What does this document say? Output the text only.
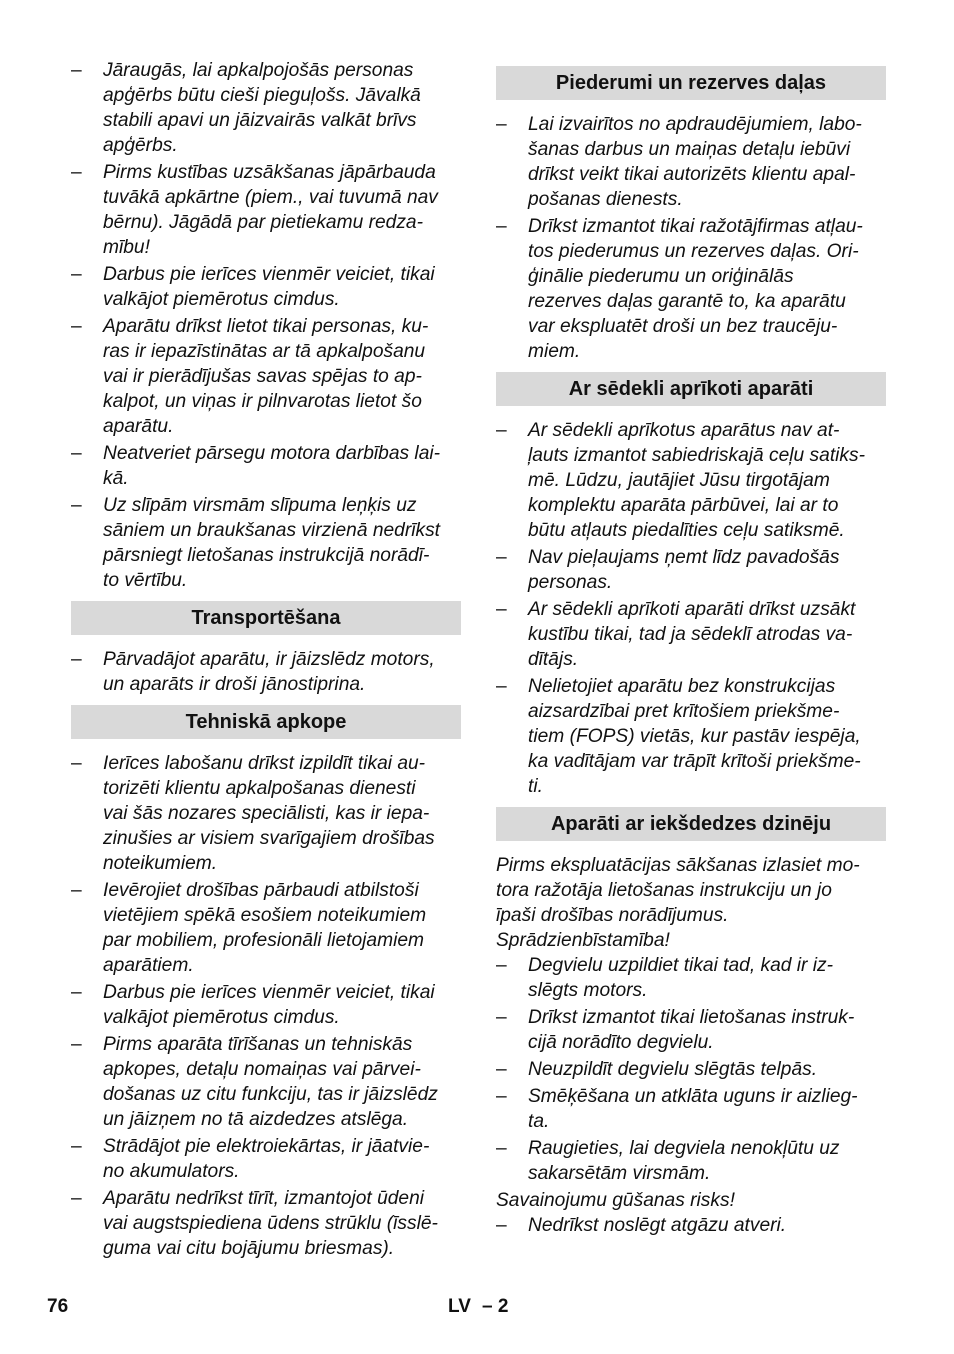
– Jāraugās, lai apkalpojošās personas
apģērbs būtu cieši pieguļošs. Jāvalkā
stabili apavi un jāizvairās valkāt brīvs
apģērbs.
– Pirms kustības uzsākšanas jāpārbauda
tuvākā apkārtne (piem., vai tuvumā nav
bērnu). Jāgādā par pietiekamu redza-
mību!
– Darbus pie ierīces vienmēr veiciet, tikai
valkājot piemērotus cimdus.
– Aparātu drīkst lietot tikai personas, ku-
ras ir iepazīstinātas ar tā apkalpošanu
vai ir pierādījušas savas spējas to ap-
kalpot, un viņas ir pilnvarotas lietot šo
aparātu.
– Neatveriet pārsegu motora darbības lai-
kā.
– Uz slīpām virsmām slīpuma leņķis uz
sāniem un braukšanas virzienā nedrīkst
pārsniegt lietošanas instrukcijā norādī-
to vērtību.
Transportēšana
– Pārvadājot aparātu, ir jāizslēdz motors,
un aparāts ir droši jānostiprina.
Tehniskā apkope
– Ierīces labošanu drīkst izpildīt tikai au-
torizēti klientu apkalpošanas dienesti
vai šās nozares speciālisti, kas ir iepa-
zinušies ar visiem svarīgajiem drošības
noteikumiem.
– Ievērojiet drošības pārbaudi atbilstoši
vietējiem spēkā esošiem noteikumiem
par mobiliem, profesionāli lietojamiem
aparātiem.
– Darbus pie ierīces vienmēr veiciet, tikai
valkājot piemērotus cimdus.
– Pirms aparāta tīrīšanas un tehniskās
apkopes, detaļu nomaiņas vai pārvei-
došanas uz citu funkciju, tas ir jāizslēdz
un jāizņem no tā aizdedzes atslēga.
– Strādājot pie elektroiekārtas, ir jāatvie-
no akumulators.
– Aparātu nedrīkst tīrīt, izmantojot ūdeni
vai augstspiediena ūdens strūklu (īsslē-
guma vai citu bojājumu briesmas).
Piederumi un rezerves daļas
– Lai izvairītos no apdraudējumiem, labo-
šanas darbus un maiņas detaļu iebūvi
drīkst veikt tikai autorizēts klientu apal-
pošanas dienests.
– Drīkst izmantot tikai ražotājfirmas atļau-
tos piederumus un rezerves daļas. Ori-
ģinālie piederumu un oriģinālās
rezerves daļas garantē to, ka aparātu
var ekspluatēt droši un bez traucēju-
miem.
Ar sēdekli aprīkoti aparāti
– Ar sēdekli aprīkotus aparātus nav at-
ļauts izmantot sabiedriskajā ceļu satiks-
mē. Lūdzu, jautājiet Jūsu tirgotājam
komplektu aparāta pārbūvei, lai ar to
būtu atļauts piedalīties ceļu satiksmē.
– Nav pieļaujams ņemt līdz pavadošās
personas.
– Ar sēdekli aprīkoti aparāti drīkst uzsākt
kustību tikai, tad ja sēdeklī atrodas va-
dītājs.
– Nelietojiet aparātu bez konstrukcijas
aizsardzībai pret krītošiem priekšme-
tiem (FOPS) vietās, kur pastāv iespēja,
ka vadītājam var trāpīt krītoši priekšme-
ti.
Aparāti ar iekšdedzes dzinēju
Pirms ekspluatācijas sākšanas izlasiet mo-
tora ražotāja lietošanas instrukciju un jo
īpaši drošības norādījumus.
Sprādzienbīstamība!
– Degvielu uzpildiet tikai tad, kad ir iz-
slēgts motors.
– Drīkst izmantot tikai lietošanas instruk-
cijā norādīto degvielu.
– Neuzpildīt degvielu slēgtās telpās.
– Smēķēšana un atklāta uguns ir aizlieg-
ta.
– Raugieties, lai degviela nenokļūtu uz
sakarsētām virsmām.
Savainojumu gūšanas risks!
– Nedrīkst noslēgt atgāzu atveri.
76	LV – 2
